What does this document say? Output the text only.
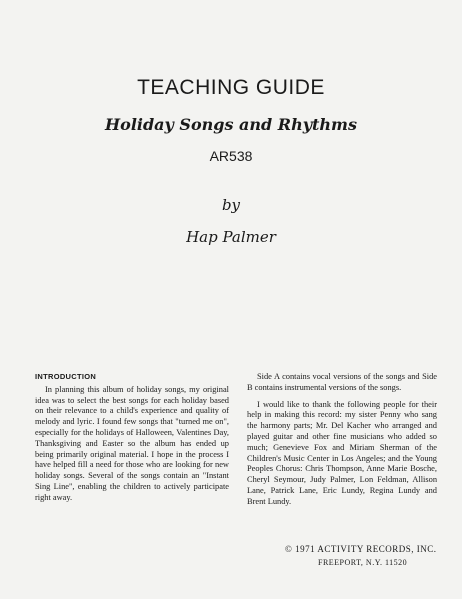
TEACHING GUIDE
Holiday Songs and Rhythms
AR538
by
Hap Palmer
INTRODUCTION

In planning this album of holiday songs, my original idea was to select the best songs for each holiday based on their relevance to a child's experience and quality of melody and lyric. I found few songs that "turned me on", especially for the holidays of Halloween, Valentines Day, Thanksgiving and Easter so the album has ended up being primarily original material. I hope in the process I have helped fill a need for those who are looking for new holiday songs. Several of the songs contain an "Instant Sing Line", enabling the children to actively participate right away.

Side A contains vocal versions of the songs and Side B contains instrumental versions of the songs.

I would like to thank the following people for their help in making this record: my sister Penny who sang the harmony parts; Mr. Del Kacher who arranged and played guitar and other fine musicians who added so much; Genevieve Fox and Miriam Sherman of the Children's Music Center in Los Angeles; and the Young Peoples Chorus: Chris Thompson, Anne Marie Bosche, Cheryl Seymour, Judy Palmer, Lon Feldman, Allison Lane, Patrick Lane, Eric Lundy, Regina Lundy and Brent Lundy.

© 1971 ACTIVITY RECORDS, INC.
FREEPORT, N.Y. 11520
